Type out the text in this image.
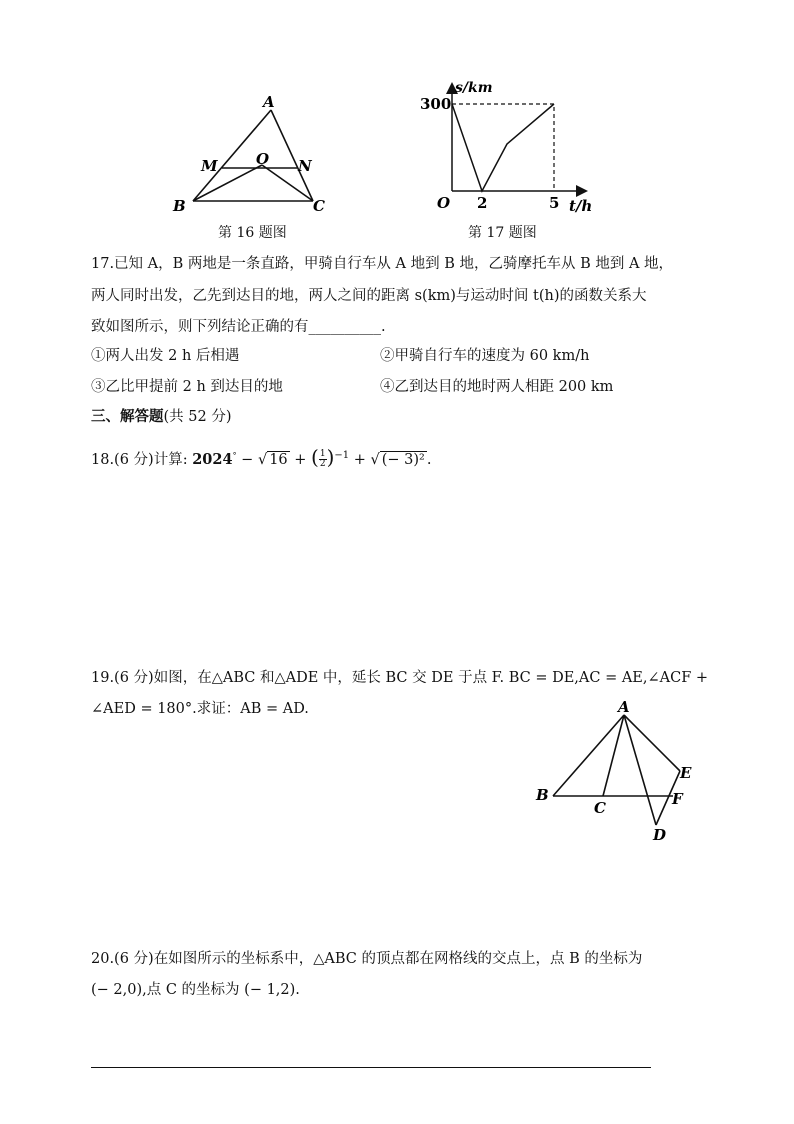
A
M	O N
B	C
第 16 题图
s/km
300
O 2	5 t/h
第 17 题图
17.已知 A，B 两地是一条直路，甲骑自行车从 A 地到 B 地，乙骑摩托车从 B 地到 A 地，
两人同时出发，乙先到达目的地，两人之间的距离 s(km)与运动时间 t(h)的函数关系大
致如图所示，则下列结论正确的有__________.
①两人出发 2 h 后相遇	②甲骑自行车的速度为 60 km/h
③乙比甲提前 2 h 到达目的地	④乙到达目的地时两人相距 200 km
三、解答题(共 52 分)
18.(6 分)计算: 2024° − √ 16 + ( $\frac{1}{2} )^{-1}$ + √ (− 3)² .
19.(6 分)如图，在△ABC 和△ADE 中，延长 BC 交 DE 于点 F. BC = DE,AC = AE,∠ACF +
∠AED = 180°.求证：AB = AD.	A
B
C
D
E
F
20.(6 分)在如图所示的坐标系中，△ABC 的顶点都在网格线的交点上，点 B 的坐标为
(− 2,0),点 C 的坐标为 (− 1,2).
